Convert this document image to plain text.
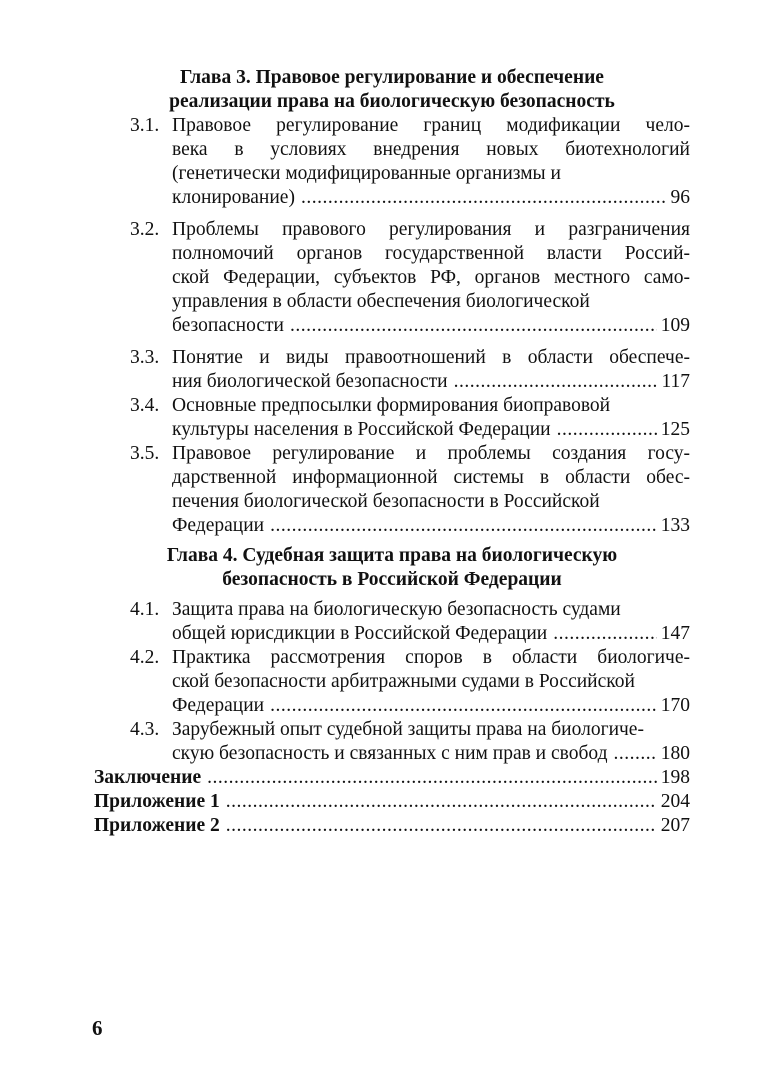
Глава 3. Правовое регулирование и обеспечение
реализации права на биологическую безопасность
3.1. Правовое регулирование границ модификации чело-
века в условиях внедрения новых биотехнологий
(генетически модифицированные организмы и
клонирование) .....	96
3.2. Проблемы правового регулирования и разграничения
полномочий органов государственной власти Россий-
ской Федерации, субъектов РФ, органов местного само-
управления в области обеспечения биологической
безопасности .....	109
3.3. Понятие и виды правоотношений в области обеспече-
ния биологической безопасности .....	117
3.4. Основные предпосылки формирования биоправовой
культуры населения в Российской Федерации .....	125
3.5. Правовое регулирование и проблемы создания госу-
дарственной информационной системы в области обес-
печения биологической безопасности в Российской
Федерации .....	133
Глава 4. Судебная защита права на биологическую
безопасность в Российской Федерации
4.1. Защита права на биологическую безопасность судами
общей юрисдикции в Российской Федерации .....	147
4.2. Практика рассмотрения споров в области биологиче-
ской безопасности арбитражными судами в Российской
Федерации .....	170
4.3. Зарубежный опыт судебной защиты права на биологиче-
скую безопасность и связанных с ним прав и свобод .....	180
Заключение .....	198
Приложение 1 .....	204
Приложение 2 .....	207
6
